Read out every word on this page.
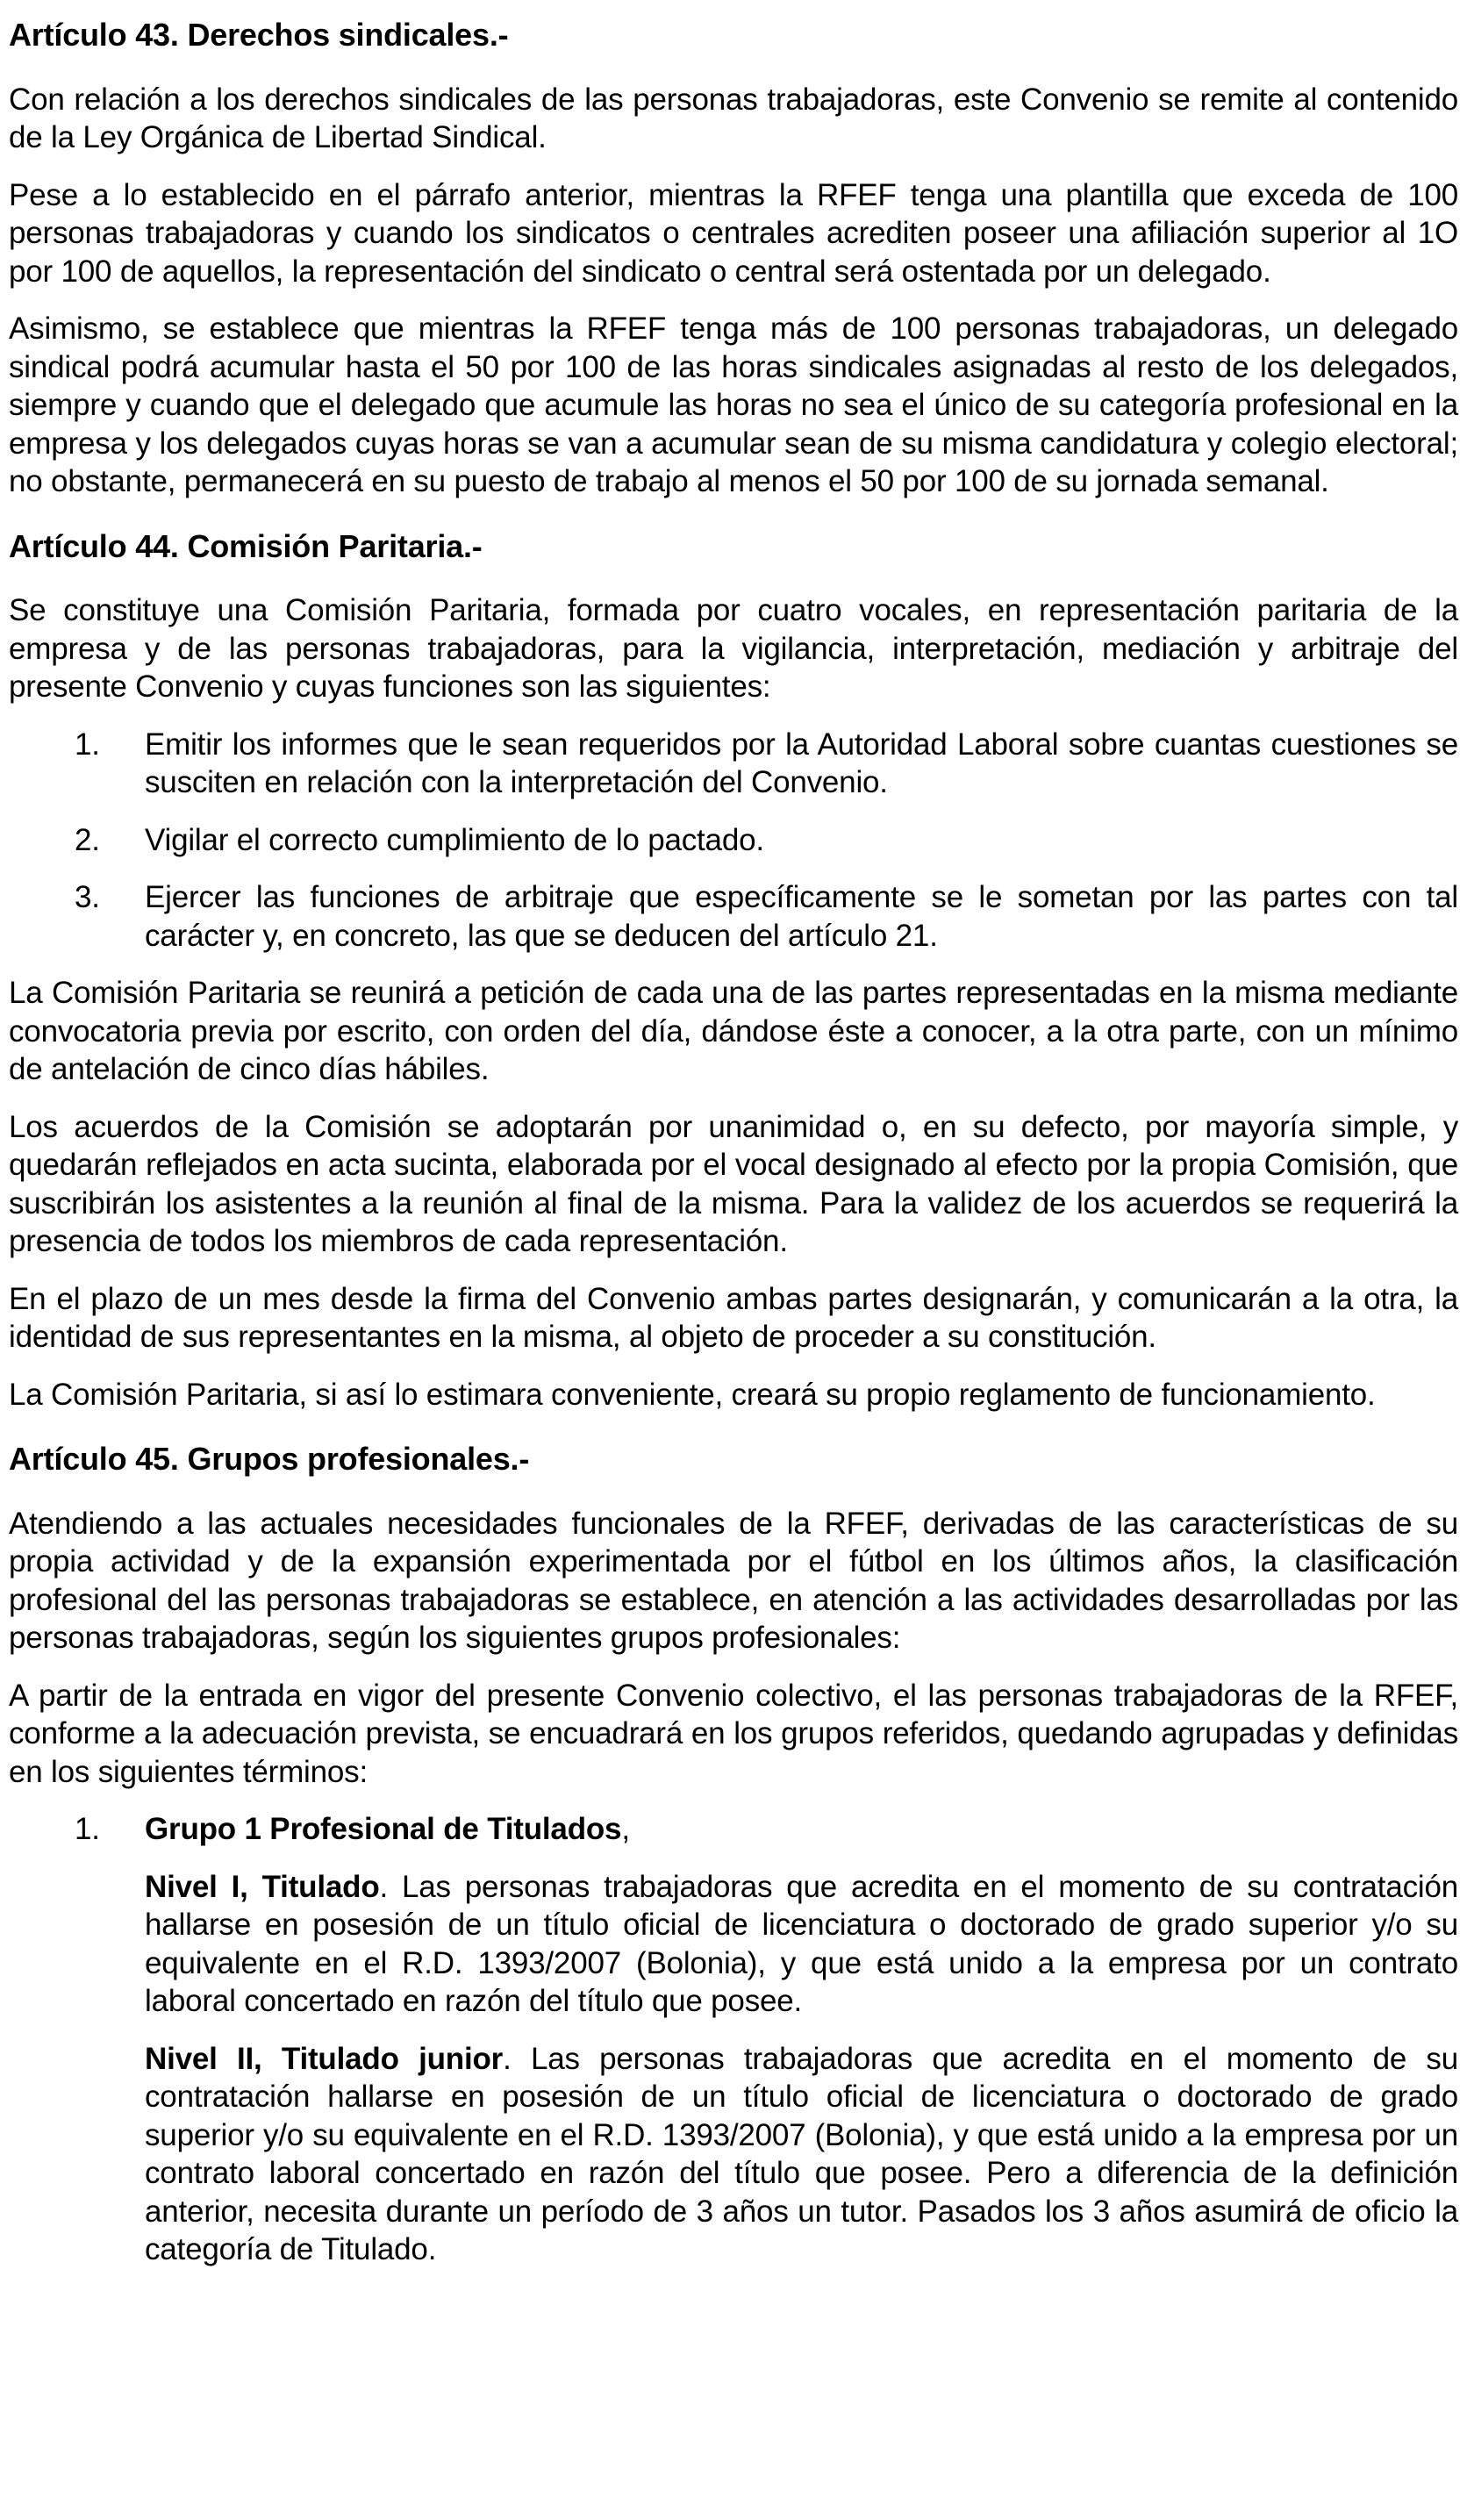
Artículo 43. Derechos sindicales.-

Con relación a los derechos sindicales de las personas trabajadoras, este Convenio se remite al contenido de la Ley Orgánica de Libertad Sindical.

Pese a lo establecido en el párrafo anterior, mientras la RFEF tenga una plantilla que exceda de 100 personas trabajadoras y cuando los sindicatos o centrales acrediten poseer una afiliación superior al 1O por 100 de aquellos, la representación del sindicato o central será ostentada por un delegado.

Asimismo, se establece que mientras la RFEF tenga más de 100 personas trabajadoras, un delegado sindical podrá acumular hasta el 50 por 100 de las horas sindicales asignadas al resto de los delegados, siempre y cuando que el delegado que acumule las horas no sea el único de su categoría profesional en la empresa y los delegados cuyas horas se van a acumular sean de su misma candidatura y colegio electoral; no obstante, permanecerá en su puesto de trabajo al menos el 50 por 100 de su jornada semanal.

Artículo 44. Comisión Paritaria.-

Se constituye una Comisión Paritaria, formada por cuatro vocales, en representación paritaria de la empresa y de las personas trabajadoras, para la vigilancia, interpretación, mediación y arbitraje del presente Convenio y cuyas funciones son las siguientes:

1. Emitir los informes que le sean requeridos por la Autoridad Laboral sobre cuantas cuestiones se susciten en relación con la interpretación del Convenio.
2. Vigilar el correcto cumplimiento de lo pactado.
3. Ejercer las funciones de arbitraje que específicamente se le sometan por las partes con tal carácter y, en concreto, las que se deducen del artículo 21.

La Comisión Paritaria se reunirá a petición de cada una de las partes representadas en la misma mediante convocatoria previa por escrito, con orden del día, dándose éste a conocer, a la otra parte, con un mínimo de antelación de cinco días hábiles.

Los acuerdos de la Comisión se adoptarán por unanimidad o, en su defecto, por mayoría simple, y quedarán reflejados en acta sucinta, elaborada por el vocal designado al efecto por la propia Comisión, que suscribirán los asistentes a la reunión al final de la misma. Para la validez de los acuerdos se requerirá la presencia de todos los miembros de cada representación.

En el plazo de un mes desde la firma del Convenio ambas partes designarán, y comunicarán a la otra, la identidad de sus representantes en la misma, al objeto de proceder a su constitución.

La Comisión Paritaria, si así lo estimara conveniente, creará su propio reglamento de funcionamiento.

Artículo 45. Grupos profesionales.-

Atendiendo a las actuales necesidades funcionales de la RFEF, derivadas de las características de su propia actividad y de la expansión experimentada por el fútbol en los últimos años, la clasificación profesional del las personas trabajadoras se establece, en atención a las actividades desarrolladas por las personas trabajadoras, según los siguientes grupos profesionales:

A partir de la entrada en vigor del presente Convenio colectivo, el las personas trabajadoras de la RFEF, conforme a la adecuación prevista, se encuadrará en los grupos referidos, quedando agrupadas y definidas en los siguientes términos:

1. Grupo 1 Profesional de Titulados,
Nivel I, Titulado. Las personas trabajadoras que acredita en el momento de su contratación hallarse en posesión de un título oficial de licenciatura o doctorado de grado superior y/o su equivalente en el R.D. 1393/2007 (Bolonia), y que está unido a la empresa por un contrato laboral concertado en razón del título que posee.
Nivel II, Titulado junior. Las personas trabajadoras que acredita en el momento de su contratación hallarse en posesión de un título oficial de licenciatura o doctorado de grado superior y/o su equivalente en el R.D. 1393/2007 (Bolonia), y que está unido a la empresa por un contrato laboral concertado en razón del título que posee. Pero a diferencia de la definición anterior, necesita durante un período de 3 años un tutor. Pasados los 3 años asumirá de oficio la categoría de Titulado.
